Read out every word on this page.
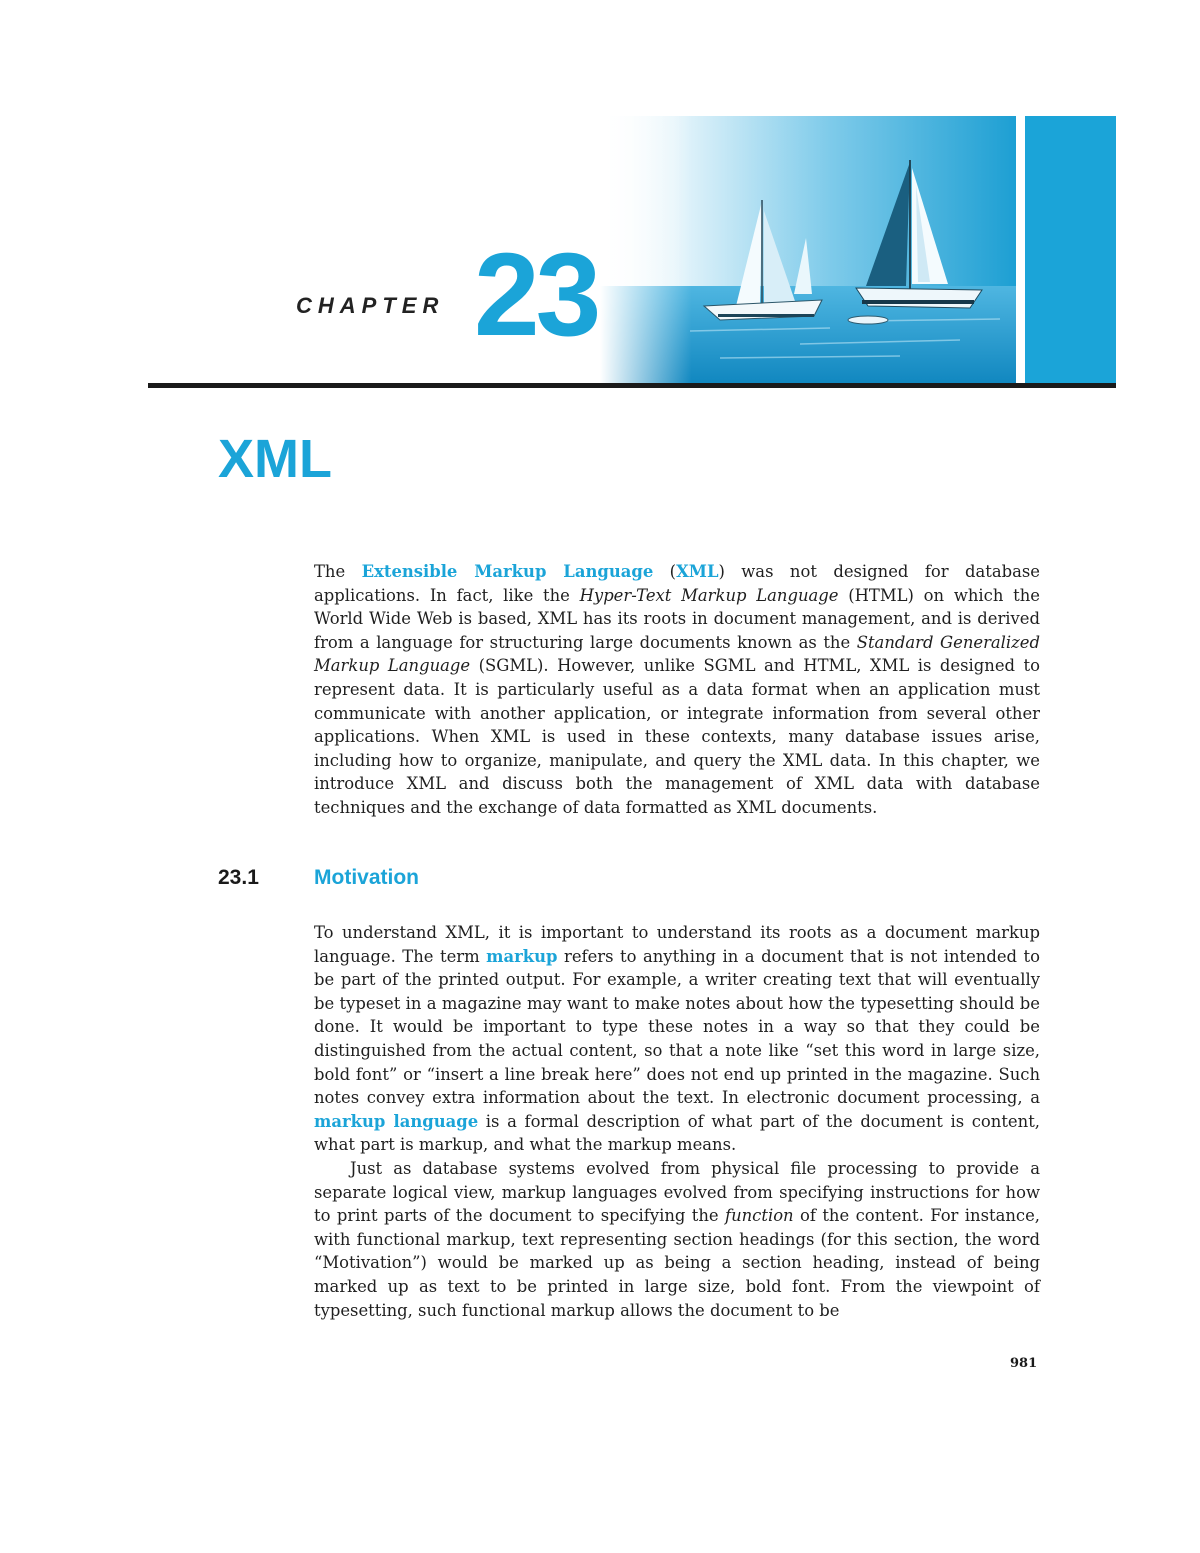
CHAPTER 23
XML

The Extensible Markup Language (XML) was not designed for database applications. In fact, like the Hyper-Text Markup Language (HTML) on which the World Wide Web is based, XML has its roots in document management, and is derived from a language for structuring large documents known as the Standard Generalized Markup Language (SGML). However, unlike SGML and HTML, XML is designed to represent data. It is particularly useful as a data format when an application must communicate with another application, or integrate information from several other applications. When XML is used in these contexts, many database issues arise, including how to organize, manipulate, and query the XML data. In this chapter, we introduce XML and discuss both the management of XML data with database techniques and the exchange of data formatted as XML documents.

23.1	Motivation

To understand XML, it is important to understand its roots as a document markup language. The term markup refers to anything in a document that is not intended to be part of the printed output. For example, a writer creating text that will eventually be typeset in a magazine may want to make notes about how the typesetting should be done. It would be important to type these notes in a way so that they could be distinguished from the actual content, so that a note like “set this word in large size, bold font” or “insert a line break here” does not end up printed in the magazine. Such notes convey extra information about the text. In electronic document processing, a markup language is a formal description of what part of the document is content, what part is markup, and what the markup means.

Just as database systems evolved from physical file processing to provide a separate logical view, markup languages evolved from specifying instructions for how to print parts of the document to specifying the function of the content. For instance, with functional markup, text representing section headings (for this section, the word “Motivation”) would be marked up as being a section heading, instead of being marked up as text to be printed in large size, bold font. From the viewpoint of typesetting, such functional markup allows the document to be

981
